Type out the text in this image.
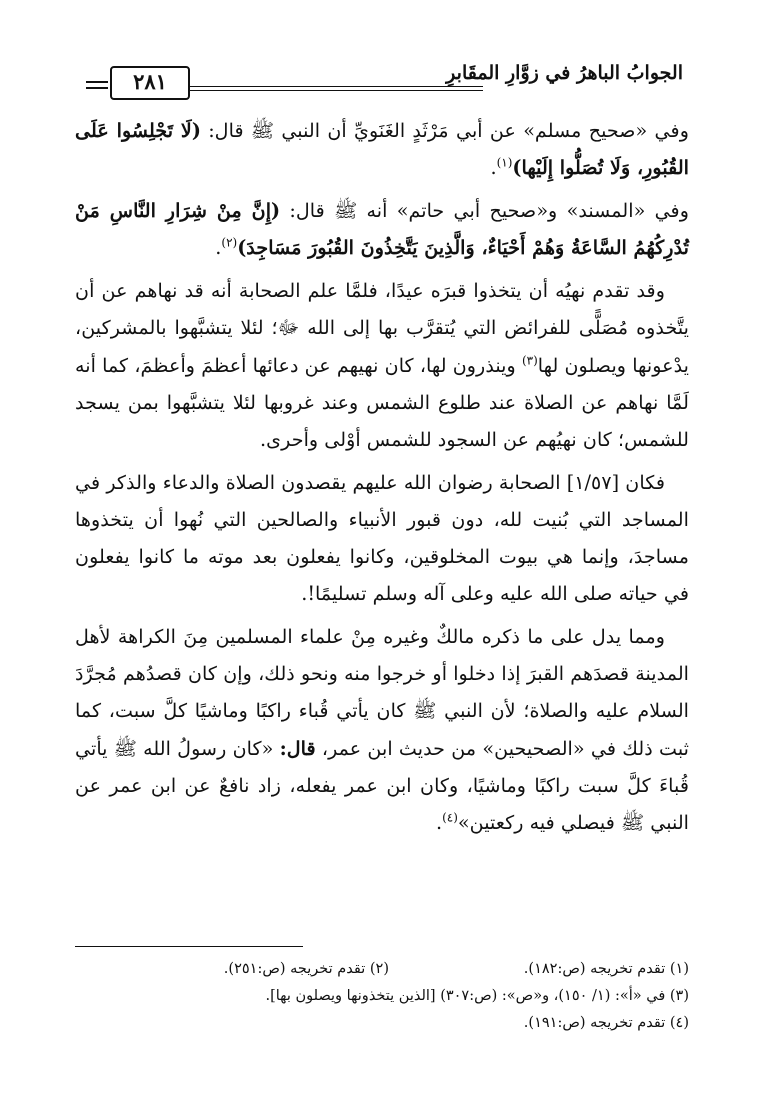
الجوابُ الباهرُ في زوَّارِ المقَابرِ
٢٨١

وفي «صحيح مسلم» عن أبي مَرْثَدٍ الغَنَويِّ أن النبي ﷺ قال: (لَا تَجْلِسُوا عَلَى القُبُورِ، وَلَا تُصَلُّوا إِلَيْها)$^{(١)}$.

وفي «المسند» و«صحيح أبي حاتم» أنه ﷺ قال: (إِنَّ مِنْ شِرَارِ النَّاسِ مَنْ تُدْرِكُهُمُ السَّاعَةُ وَهُمْ أَحْيَاءٌ، وَالَّذِينَ يَتَّخِذُونَ القُبُورَ مَسَاجِدَ)$^{(٢)}$.

وقد تقدم نهيُه أن يتخذوا قبرَه عيدًا، فلمَّا علم الصحابة أنه قد نهاهم عن أن يتَّخذوه مُصَلًّى للفرائض التي يُتقرَّب بها إلى الله ﷻ؛ لئلا يتشبَّهوا بالمشركين، يدْعونها ويصلون لها$^{(٣)}$ وينذرون لها، كان نهيهم عن دعائها أعظمَ وأعظمَ، كما أنه لَمَّا نهاهم عن الصلاة عند طلوع الشمس وعند غروبها لئلا يتشبَّهوا بمن يسجد للشمس؛ كان نهيُهم عن السجود للشمس أوْلى وأحرى.

فكان [١/٥٧] الصحابة رضوان الله عليهم يقصدون الصلاة والدعاء والذكر في المساجد التي بُنيت لله، دون قبور الأنبياء والصالحين التي نُهوا أن يتخذوها مساجدَ، وإنما هي بيوت المخلوقين، وكانوا يفعلون بعد موته ما كانوا يفعلون في حياته صلى الله عليه وعلى آله وسلم تسليمًا!.

ومما يدل على ما ذكره مالكٌ وغيره مِنْ علماء المسلمين مِنَ الكراهة لأهل المدينة قصدَهم القبرَ إذا دخلوا أو خرجوا منه ونحو ذلك، وإن كان قصدُهم مُجرَّدَ السلام عليه والصلاة؛ لأن النبي ﷺ كان يأتي قُباء راكبًا وماشيًا كلَّ سبت، كما ثبت ذلك في «الصحيحين» من حديث ابن عمر، قال: «كان رسولُ الله ﷺ يأتي قُباءَ كلَّ سبت راكبًا وماشيًا، وكان ابن عمر يفعله، زاد نافعٌ عن ابن عمر عن النبي ﷺ فيصلي فيه ركعتين»$^{(٤)}$.

(١) تقدم تخريجه (ص:١٨٢).(٢) تقدم تخريجه (ص:٢٥١).
(٣) في «أ»: (١/ ١٥٠)، و«ص»: (ص:٣٠٧) [الذين يتخذونها ويصلون بها].
(٤) تقدم تخريجه (ص:١٩١).
